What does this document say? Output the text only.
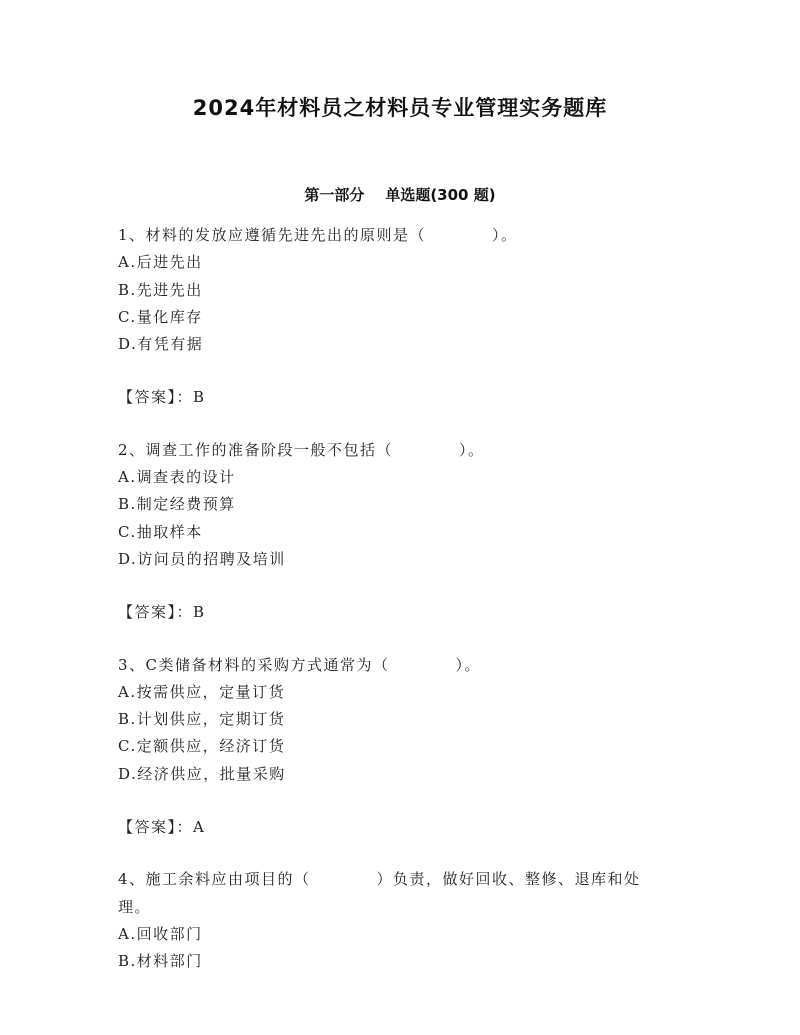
2024年材料员之材料员专业管理实务题库
第一部分 单选题(300 题)
1、材料的发放应遵循先进先出的原则是（　　　　）。
A.后进先出
B.先进先出
C.量化库存
D.有凭有据
【答案】：B
2、调查工作的准备阶段一般不包括（　　　　）。
A.调查表的设计
B.制定经费预算
C.抽取样本
D.访问员的招聘及培训
【答案】：B
3、C类储备材料的采购方式通常为（　　　　）。
A.按需供应，定量订货
B.计划供应，定期订货
C.定额供应，经济订货
D.经济供应，批量采购
【答案】：A
4、施工余料应由项目的（　　　　）负责，做好回收、整修、退库和处
理。
A.回收部门
B.材料部门
